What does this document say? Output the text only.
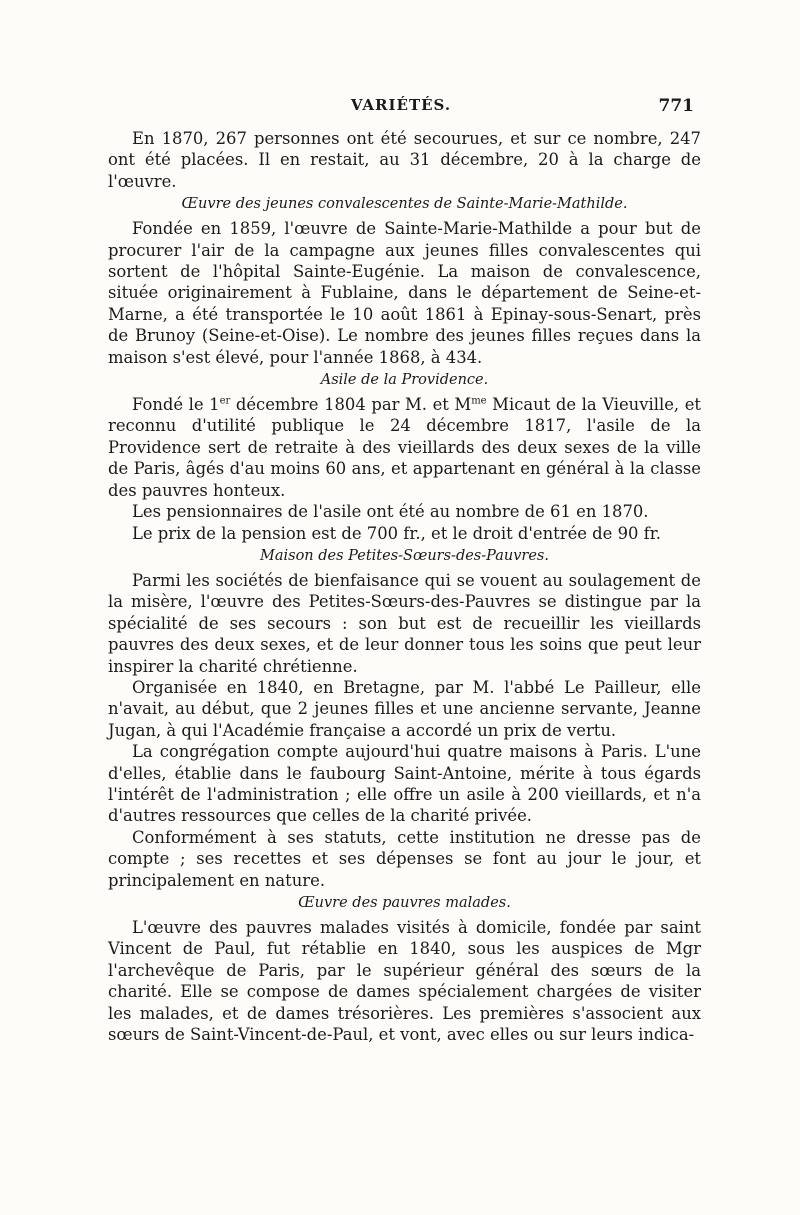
VARIÉTÉS.	771

En 1870, 267 personnes ont été secourues, et sur ce nombre, 247 ont été placées. Il en restait, au 31 décembre, 20 à la charge de l'œuvre.

Œuvre des jeunes convalescentes de Sainte-Marie-Mathilde.

Fondée en 1859, l'œuvre de Sainte-Marie-Mathilde a pour but de procurer l'air de la campagne aux jeunes filles convalescentes qui sortent de l'hôpital Sainte-Eugénie. La maison de convalescence, située originairement à Fublaine, dans le département de Seine-et-Marne, a été transportée le 10 août 1861 à Epinay-sous-Senart, près de Brunoy (Seine-et-Oise). Le nombre des jeunes filles reçues dans la maison s'est élevé, pour l'année 1868, à 434.

Asile de la Providence.

Fondé le 1er décembre 1804 par M. et $M^{me}$ Micaut de la Vieuville, et reconnu d'utilité publique le 24 décembre 1817, l'asile de la Providence sert de retraite à des vieillards des deux sexes de la ville de Paris, âgés d'au moins 60 ans, et appartenant en général à la classe des pauvres honteux.

Les pensionnaires de l'asile ont été au nombre de 61 en 1870.

Le prix de la pension est de 700 fr., et le droit d'entrée de 90 fr.

Maison des Petites-Sœurs-des-Pauvres.

Parmi les sociétés de bienfaisance qui se vouent au soulagement de la misère, l'œuvre des Petites-Sœurs-des-Pauvres se distingue par la spécialité de ses secours : son but est de recueillir les vieillards pauvres des deux sexes, et de leur donner tous les soins que peut leur inspirer la charité chrétienne.

Organisée en 1840, en Bretagne, par M. l'abbé Le Pailleur, elle n'avait, au début, que 2 jeunes filles et une ancienne servante, Jeanne Jugan, à qui l'Académie française a accordé un prix de vertu.

La congrégation compte aujourd'hui quatre maisons à Paris. L'une d'elles, établie dans le faubourg Saint-Antoine, mérite à tous égards l'intérêt de l'administration ; elle offre un asile à 200 vieillards, et n'a d'autres ressources que celles de la charité privée.

Conformément à ses statuts, cette institution ne dresse pas de compte ; ses recettes et ses dépenses se font au jour le jour, et principalement en nature.

Œuvre des pauvres malades.

L'œuvre des pauvres malades visités à domicile, fondée par saint Vincent de Paul, fut rétablie en 1840, sous les auspices de Mgr l'archevêque de Paris, par le supérieur général des sœurs de la charité. Elle se compose de dames spécialement chargées de visiter les malades, et de dames trésorières. Les premières s'associent aux sœurs de Saint-Vincent-de-Paul, et vont, avec elles ou sur leurs indica-
